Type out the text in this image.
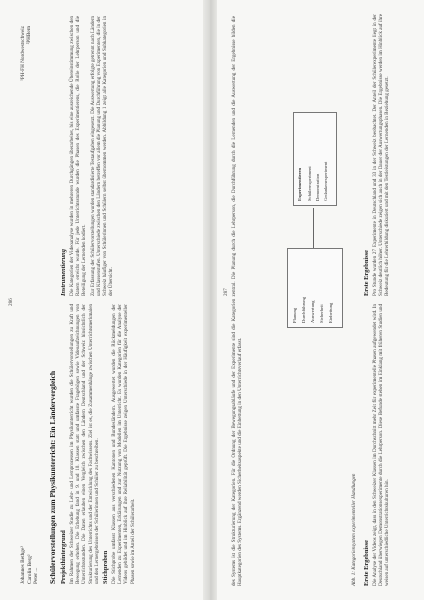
286
Johannes Bethge¹ Carolin Berg² Peter ...
¹PH-FH Nordwestschweiz ²PHBern
Schülervorstellungen zum Physikunterricht: Ein Ländervergleich Projekthintergrund Im Rahmen der Schweizer Studie zu Lehr- und Lernprozessen im Physikunterricht wurden die Schülervorstellungen zu Kraft und Bewegung erhoben. Die Erhebung fand in 9. und 10. Klassen statt und umfasste Fragebögen sowie Videoaufzeichnungen von Unterrichtsstunden. Die Daten erlauben einen Vergleich zwischen den Ländern Deutschland und der Schweiz hinsichtlich der Strukturierung des Unterrichts und der Entwicklung des Fachwissens. Ziel ist es, die Zusammenhänge zwischen Unterrichtsmerkmalen und den Lernergebnissen der Schülerinnen und Schüler zu beschreiben. Stichproben Die Stichprobe umfasst Klassen aus verschiedenen Kantonen und Bundesländern. Ausgewertet wurden die Rückmeldungen der Lernenden zu Experimenten, Erklärungen und zur Nutzung von Modellen im Unterricht. Es wurden Kategorien für die Analyse der Videos gebildet und im Hinblick auf ihre Reliabilität geprüft. Die Ergebnisse zeigen Unterschiede in der Häufigkeit experimenteller Phasen sowie im Anteil der Schülerarbeit.

Instrumentierung Die Kategorien der Videoanalyse wurden in mehreren Durchgängen überarbeitet, bis eine ausreichende Übereinstimmung zwischen den Ratern erreicht wurde. Für jede Unterrichtsstunde wurden die Phasen des Experimentierens, die Rolle der Lehrperson und die Beteiligung der Lernenden kodiert. Zur Erfassung der Schülervorstellungen wurden standardisierte Testaufgaben eingesetzt. Die Auswertung erfolgte getrennt nach Ländern und Klassenstufen. Unterschiede zwischen den Ländern betreffen vor allem die Planung und Durchführung von Experimenten, die in der Schweiz häufiger von Schülerinnen und Schülern selbst übernommen werden. Abbildung 1 zeigt alle Kategorien und Subkategorien in der Übersicht.	287 des Systems ist die Strukturierung der Kategorien. Für die Ordnung der Bewegungsabläufe und der Experimente sind die Kategorien zentral. Die Planung durch die Lehrperson, die Durchführung durch die Lernenden und die Auswertung der Ergebnisse bilden die Hauptkategorien des Systems. Ergänzend werden Sicherheitsaspekte und die Einbettung in den Unterrichtsverlauf erfasst.

Planung Durchführung Auswertung Sicherheit Einbettung
Experimentieren Schülerexperiment Demonstration Gedankenexperiment
Abb. 1: Kategoriensystem experimenteller Handlungen Erste Ergebnisse Die Analyse der Videos zeigt, dass in den Schweizer Klassen im Durchschnitt mehr Zeit für experimentelle Phasen aufgewendet wird. In Deutschland überwiegen Demonstrationsexperimente durch die Lehrperson. Diese Befunde stehen im Einklang mit früheren Studien und weisen auf unterschiedliche Unterrichtskulturen hin.

Erste Ergebnisse Pro Stunde wurden 27 Experimente in Deutschland und 33 in der Schweiz beobachtet. Der Anteil der Schülerexperimente liegt in der Schweiz deutlich höher. Unterschiede zeigen sich auch in der Dauer der Auswertungsphasen. Die Ergebnisse werden im Hinblick auf ihre Bedeutung für die Lehrerbildung diskutiert und mit den Testleistungen der Lernenden in Beziehung gesetzt.
